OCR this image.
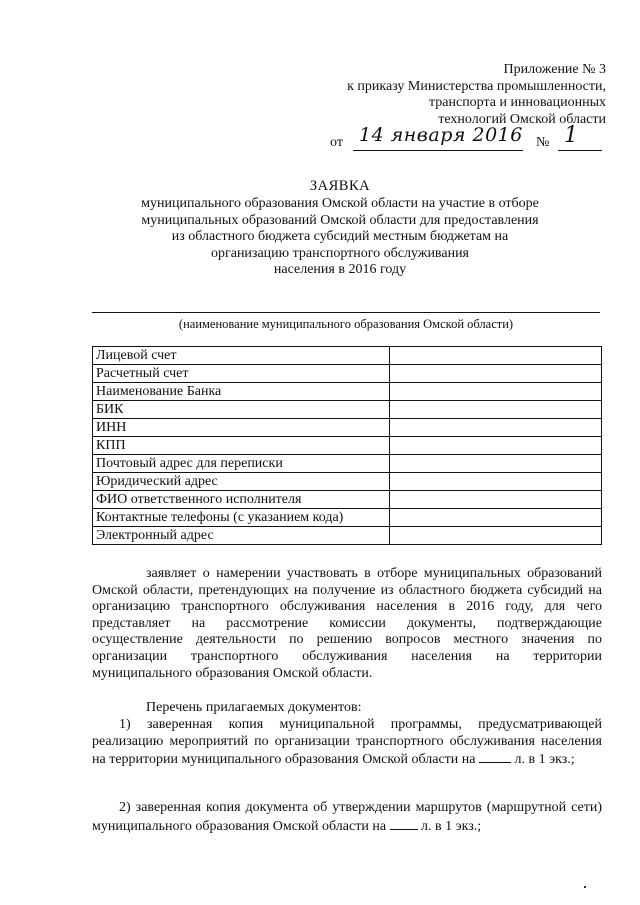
Приложение № 3
к приказу Министерства промышленности,
транспорта и инновационных
технологий Омской области
от 14 января 2016 № 1
ЗАЯВКА
муниципального образования Омской области на участие в отборе
муниципальных образований Омской области для предоставления
из областного бюджета субсидий местным бюджетам на
организацию транспортного обслуживания
населения в 2016 году
(наименование муниципального образования Омской области)
Лицевой счет	
Расчетный счет	
Наименование Банка	
БИК	
ИНН	
КПП	
Почтовый адрес для переписки	
Юридический адрес	
ФИО ответственного исполнителя	
Контактные телефоны (с указанием кода)	
Электронный адрес	
заявляет о намерении участвовать в отборе муниципальных образований Омской области, претендующих на получение из областного бюджета субсидий на организацию транспортного обслуживания населения в 2016 году, для чего представляет на рассмотрение комиссии документы, подтверждающие осуществление деятельности по решению вопросов местного значения по организации транспортного обслуживания населения на территории муниципального образования Омской области.
Перечень прилагаемых документов:
1) заверенная копия муниципальной программы, предусматривающей реализацию мероприятий по организации транспортного обслуживания населения на территории муниципального образования Омской области на	л. в 1 экз.;
2) заверенная копия документа об утверждении маршрутов (маршрутной сети) муниципального образования Омской области на	л. в 1 экз.;
